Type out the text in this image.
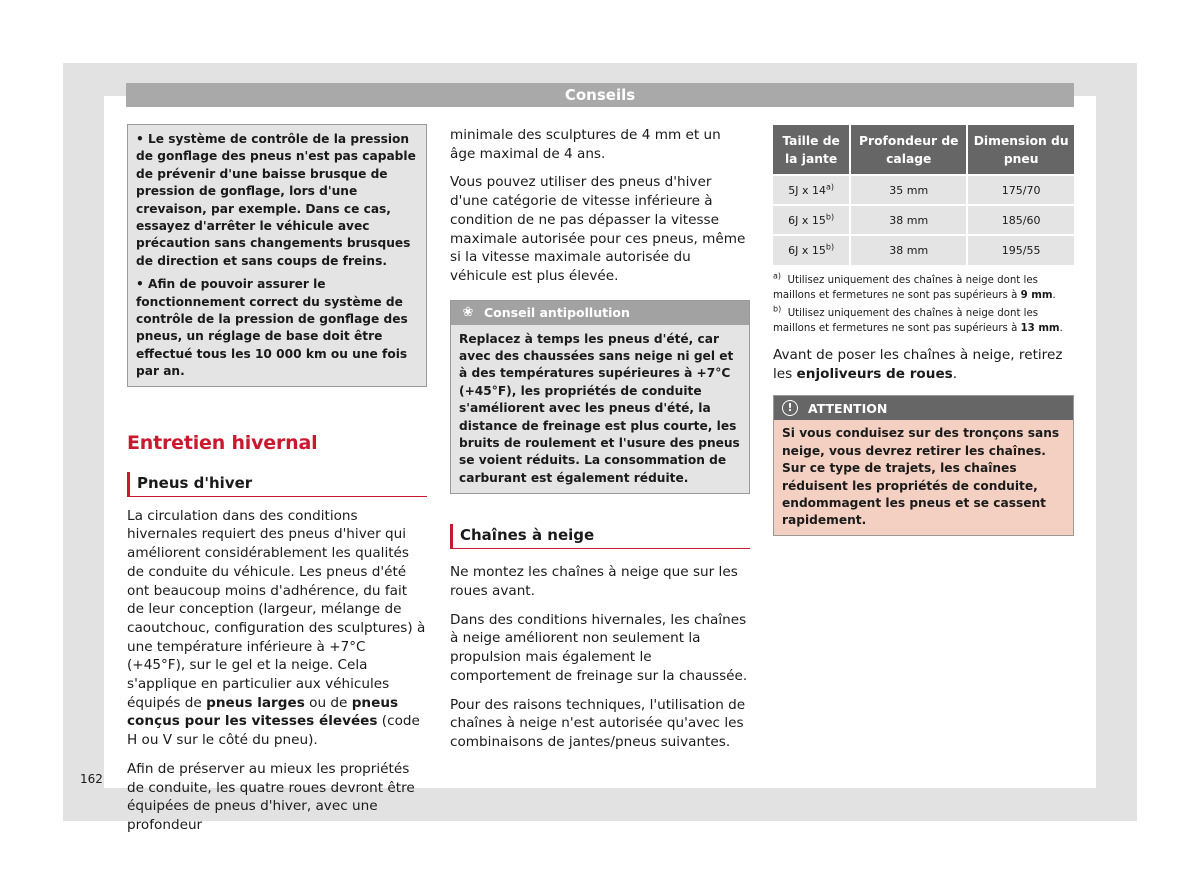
Conseils

• Le système de contrôle de la pression de gonflage des pneus n'est pas capable de prévenir d'une baisse brusque de pression de gonflage, lors d'une crevaison, par exemple. Dans ce cas, essayez d'arrêter le véhicule avec précaution sans changements brusques de direction et sans coups de freins.

• Afin de pouvoir assurer le fonctionnement correct du système de contrôle de la pression de gonflage des pneus, un réglage de base doit être effectué tous les 10 000 km ou une fois par an.

Entretien hivernal
Pneus d'hiver

La circulation dans des conditions hivernales requiert des pneus d'hiver qui améliorent considérablement les qualités de conduite du véhicule. Les pneus d'été ont beaucoup moins d'adhérence, du fait de leur conception (largeur, mélange de caoutchouc, configuration des sculptures) à une température inférieure à +7°C (+45°F), sur le gel et la neige. Cela s'applique en particulier aux véhicules équipés de pneus larges ou de pneus conçus pour les vitesses élevées (code H ou V sur le côté du pneu).

Afin de préserver au mieux les propriétés de conduite, les quatre roues devront être équipées de pneus d'hiver, avec une profondeur

minimale des sculptures de 4 mm et un âge maximal de 4 ans.

Vous pouvez utiliser des pneus d'hiver d'une catégorie de vitesse inférieure à condition de ne pas dépasser la vitesse maximale autorisée pour ces pneus, même si la vitesse maximale autorisée du véhicule est plus élevée.

❀ Conseil antipollution
Replacez à temps les pneus d'été, car avec des chaussées sans neige ni gel et à des températures supérieures à +7°C (+45°F), les propriétés de conduite s'améliorent avec les pneus d'été, la distance de freinage est plus courte, les bruits de roulement et l'usure des pneus se voient réduits. La consommation de carburant est également réduite.
Chaînes à neige

Ne montez les chaînes à neige que sur les roues avant.

Dans des conditions hivernales, les chaînes à neige améliorent non seulement la propulsion mais également le comportement de freinage sur la chaussée.

Pour des raisons techniques, l'utilisation de chaînes à neige n'est autorisée qu'avec les combinaisons de jantes/pneus suivantes.

Taille de la jante	Profondeur de calage	Dimension du pneu
5J x 14$^{a)}$	35 mm	175/70
6J x 15$^{b)}$	38 mm	185/60
6J x 15$^{b)}$	38 mm	195/55

$^{a)}$ Utilisez uniquement des chaînes à neige dont les maillons et fermetures ne sont pas supérieurs à 9 mm.

$^{b)}$ Utilisez uniquement des chaînes à neige dont les maillons et fermetures ne sont pas supérieurs à 13 mm.

Avant de poser les chaînes à neige, retirez les enjoliveurs de roues.

!	ATTENTION
Si vous conduisez sur des tronçons sans neige, vous devrez retirer les chaînes. Sur ce type de trajets, les chaînes réduisent les propriétés de conduite, endommagent les pneus et se cassent rapidement.
162
